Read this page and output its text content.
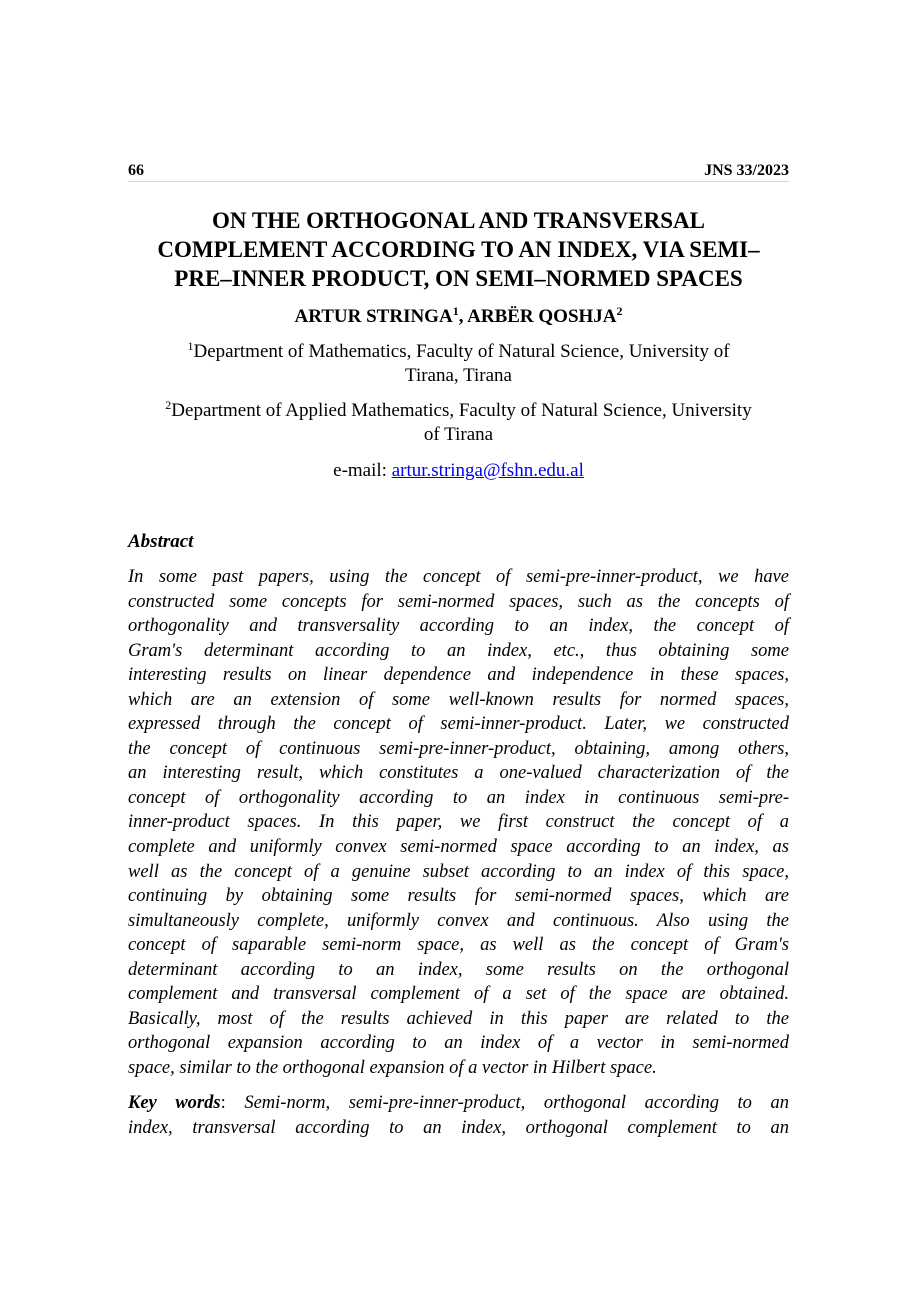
66	JNS 33/2023
ON THE ORTHOGONAL AND TRANSVERSAL
COMPLEMENT ACCORDING TO AN INDEX, VIA SEMI–
PRE–INNER PRODUCT, ON SEMI–NORMED SPACES
ARTUR STRINGA$^1$, ARBËR QOSHJA$^2$
$^1$Department of Mathematics, Faculty of Natural Science, University of
Tirana, Tirana
$^2$Department of Applied Mathematics, Faculty of Natural Science, University
of Tirana
e-mail: artur.stringa@fshn.edu.al
Abstract
In some past papers, using the concept of semi-pre-inner-product, we have
constructed some concepts for semi-normed spaces, such as the concepts of
orthogonality and transversality according to an index, the concept of
Gram's determinant according to an index, etc., thus obtaining some
interesting results on linear dependence and independence in these spaces,
which are an extension of some well-known results for normed spaces,
expressed through the concept of semi-inner-product. Later, we constructed
the concept of continuous semi-pre-inner-product, obtaining, among others,
an interesting result, which constitutes a one-valued characterization of the
concept of orthogonality according to an index in continuous semi-pre-
inner-product spaces. In this paper, we first construct the concept of a
complete and uniformly convex semi-normed space according to an index, as
well as the concept of a genuine subset according to an index of this space,
continuing by obtaining some results for semi-normed spaces, which are
simultaneously complete, uniformly convex and continuous. Also using the
concept of saparable semi-norm space, as well as the concept of Gram's
determinant according to an index, some results on the orthogonal
complement and transversal complement of a set of the space are obtained.
Basically, most of the results achieved in this paper are related to the
orthogonal expansion according to an index of a vector in semi-normed
space, similar to the orthogonal expansion of a vector in Hilbert space.
Key words: Semi-norm, semi-pre-inner-product, orthogonal according to an
index, transversal according to an index, orthogonal complement to an
